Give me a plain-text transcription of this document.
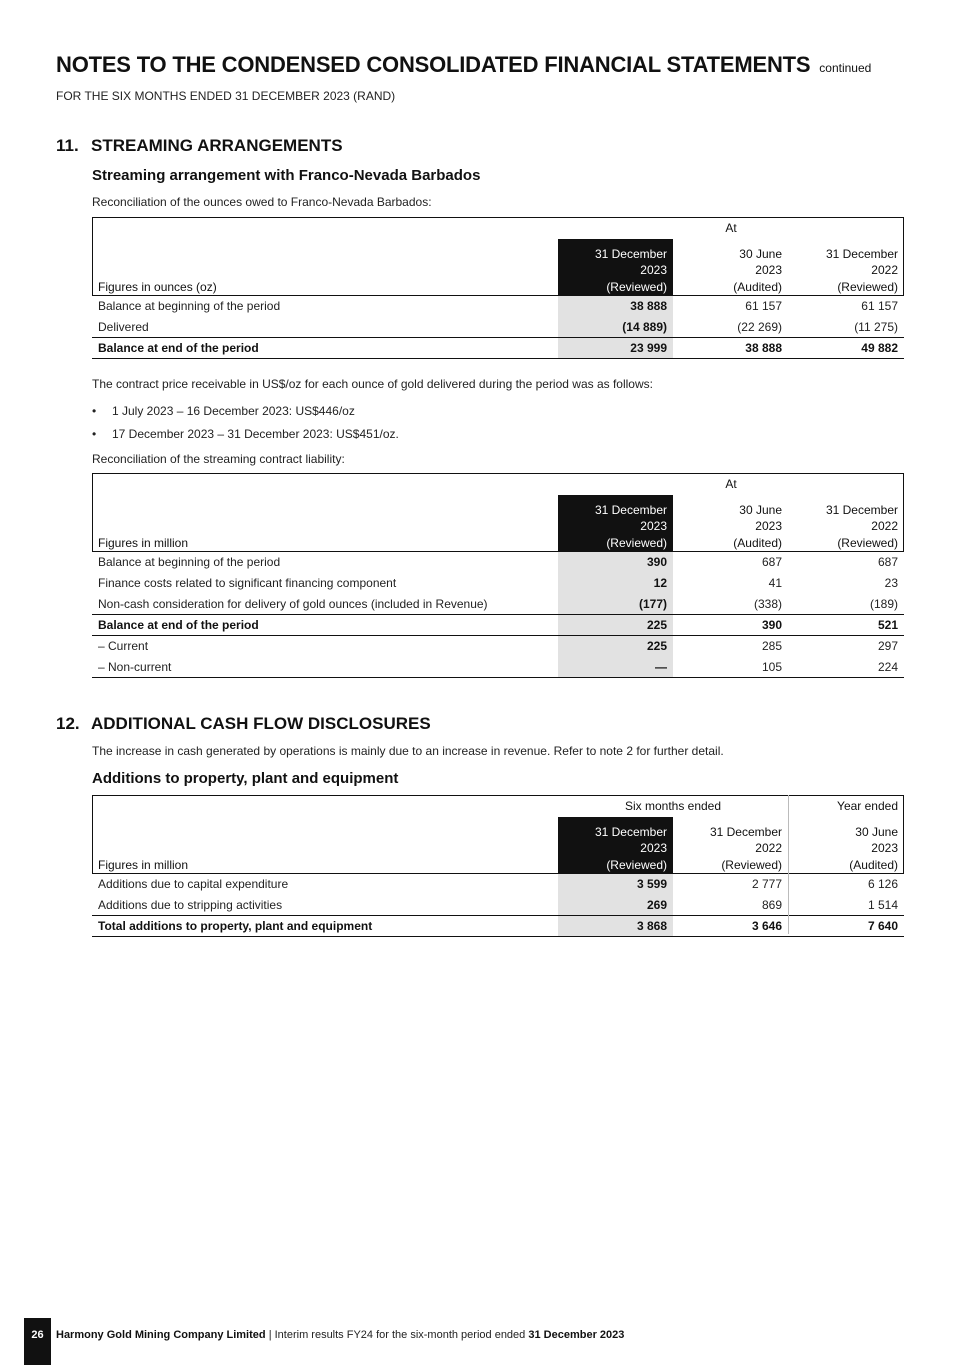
NOTES TO THE CONDENSED CONSOLIDATED FINANCIAL STATEMENTS continued
FOR THE SIX MONTHS ENDED 31 DECEMBER 2023 (RAND)
11. STREAMING ARRANGEMENTS
Streaming arrangement with Franco-Nevada Barbados
Reconciliation of the ounces owed to Franco-Nevada Barbados:
	At		
Figures in ounces (oz)	31 December
2023
(Reviewed)	30 June
2023
(Audited)	31 December
2022
(Reviewed)
Balance at beginning of the period	38 888	61 157	61 157
Delivered	(14 889)	(22 269)	(11 275)
Balance at end of the period	23 999	38 888	49 882
The contract price receivable in US$/oz for each ounce of gold delivered during the period was as follows:
• 1 July 2023 – 16 December 2023: US$446/oz
• 17 December 2023 – 31 December 2023: US$451/oz.
Reconciliation of the streaming contract liability:
	At		
Figures in million	31 December
2023
(Reviewed)	30 June
2023
(Audited)	31 December
2022
(Reviewed)
Balance at beginning of the period	390	687	687
Finance costs related to significant financing component	12	41	23
Non-cash consideration for delivery of gold ounces (included in Revenue)	(177)	(338)	(189)
Balance at end of the period	225	390	521
– Current	225	285	297
– Non-current	—	105	224
12. ADDITIONAL CASH FLOW DISCLOSURES
The increase in cash generated by operations is mainly due to an increase in revenue. Refer to note 2 for further detail.
Additions to property, plant and equipment
	Six months ended		Year ended
Figures in million	31 December
2023
(Reviewed)	31 December
2022
(Reviewed)	30 June
2023
(Audited)
Additions due to capital expenditure	3 599	2 777	6 126
Additions due to stripping activities	269	869	1 514
Total additions to property, plant and equipment	3 868	3 646	7 640
26	Harmony Gold Mining Company Limited | Interim results FY24 for the six-month period ended 31 December 2023
